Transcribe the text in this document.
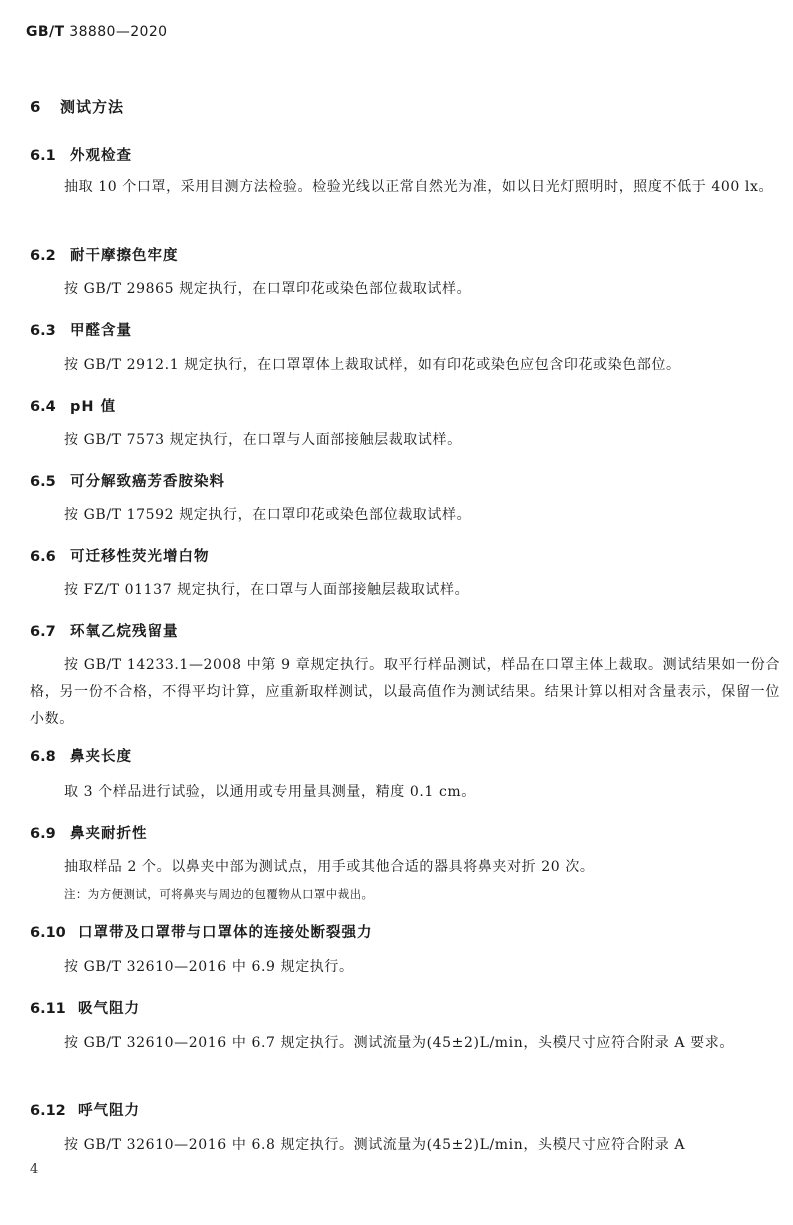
GB/T 38880—2020
6 测试方法
6.1 外观检查
抽取 10 个口罩，采用目测方法检验。检验光线以正常自然光为准，如以日光灯照明时，照度不低于 400 lx。
6.2 耐干摩擦色牢度
按 GB/T 29865 规定执行，在口罩印花或染色部位裁取试样。
6.3 甲醛含量
按 GB/T 2912.1 规定执行，在口罩罩体上裁取试样，如有印花或染色应包含印花或染色部位。
6.4 pH 值
按 GB/T 7573 规定执行，在口罩与人面部接触层裁取试样。
6.5 可分解致癌芳香胺染料
按 GB/T 17592 规定执行，在口罩印花或染色部位裁取试样。
6.6 可迁移性荧光增白物
按 FZ/T 01137 规定执行，在口罩与人面部接触层裁取试样。
6.7 环氧乙烷残留量
按 GB/T 14233.1—2008 中第 9 章规定执行。取平行样品测试，样品在口罩主体上裁取。测试结果如一份合格，另一份不合格，不得平均计算，应重新取样测试，以最高值作为测试结果。结果计算以相对含量表示，保留一位小数。
6.8 鼻夹长度
取 3 个样品进行试验，以通用或专用量具测量，精度 0.1 cm。
6.9 鼻夹耐折性
抽取样品 2 个。以鼻夹中部为测试点，用手或其他合适的器具将鼻夹对折 20 次。
注：为方便测试，可将鼻夹与周边的包覆物从口罩中裁出。
6.10 口罩带及口罩带与口罩体的连接处断裂强力
按 GB/T 32610—2016 中 6.9 规定执行。
6.11 吸气阻力
按 GB/T 32610—2016 中 6.7 规定执行。测试流量为(45±2)L/min，头模尺寸应符合附录 A 要求。
6.12 呼气阻力
按 GB/T 32610—2016 中 6.8 规定执行。测试流量为(45±2)L/min，头模尺寸应符合附录 A
4
